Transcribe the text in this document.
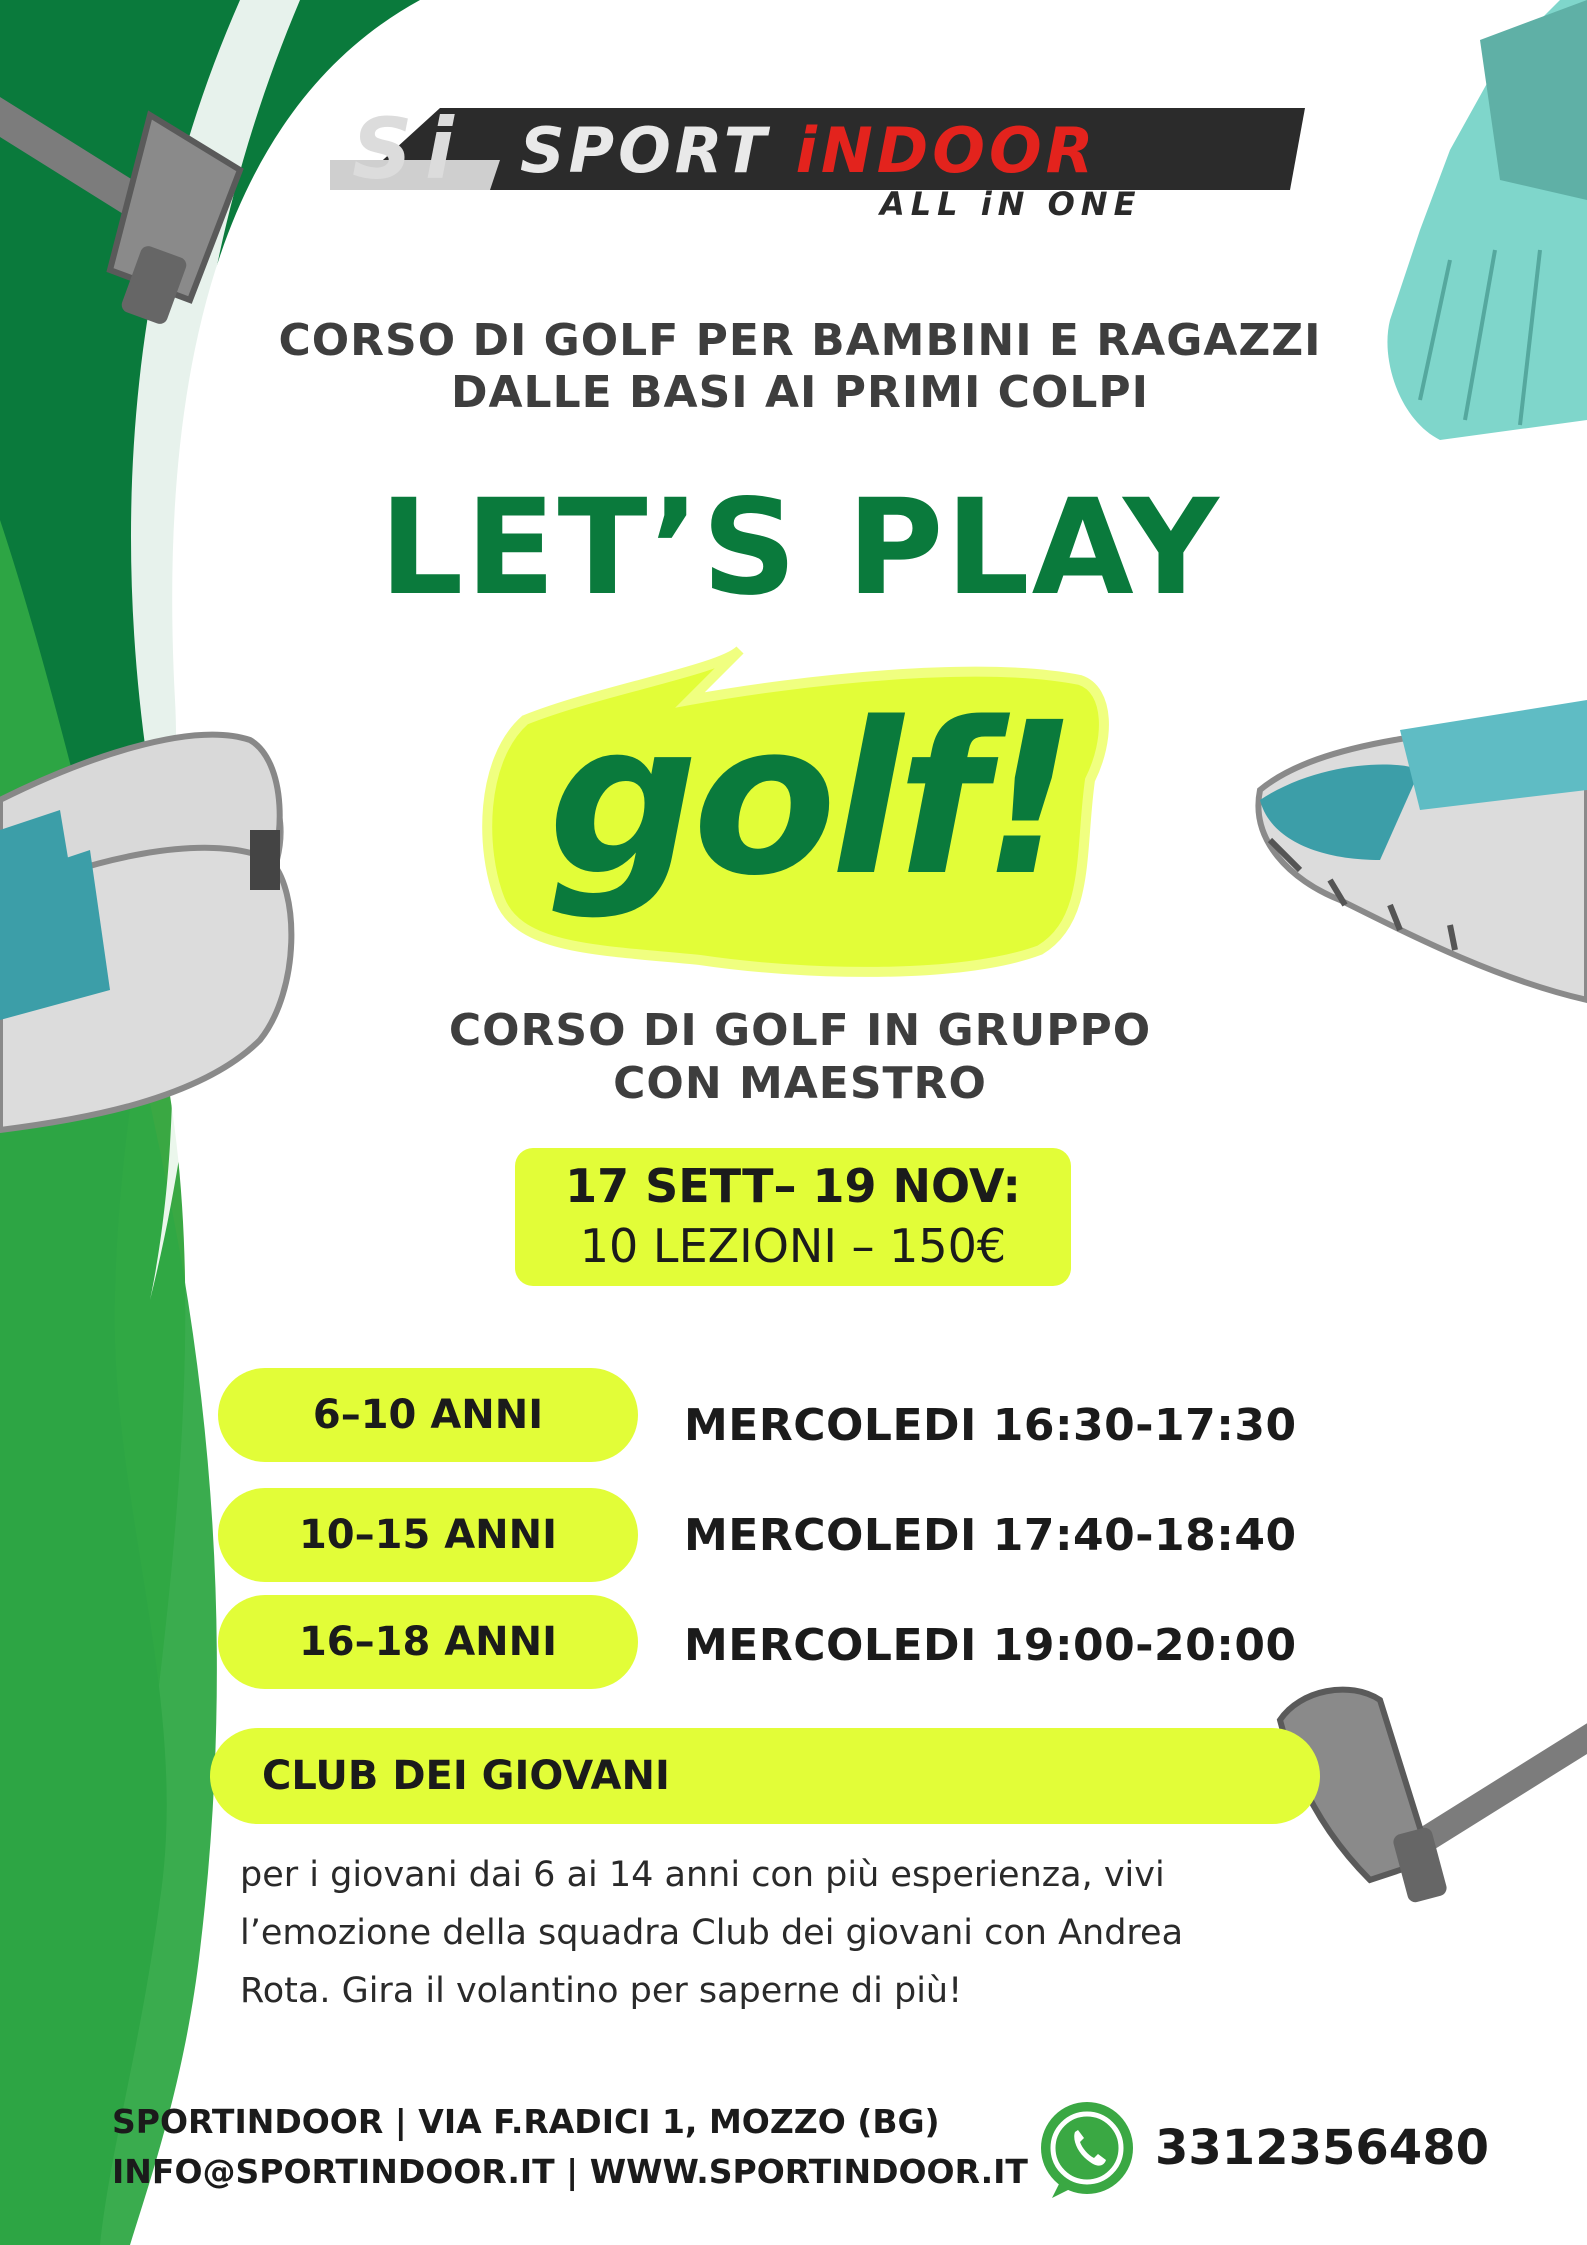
S i SPORT iNDOOR
ALL iN ONE
CORSO DI GOLF PER BAMBINI E RAGAZZI
DALLE BASI AI PRIMI COLPI
LET’S PLAY
golf!
CORSO DI GOLF IN GRUPPO
CON MAESTRO
17 SETT– 19 NOV:
10 LEZIONI – 150€
6–10 ANNI	MERCOLEDI 16:30-17:30
10–15 ANNI	MERCOLEDI 17:40-18:40
16–18 ANNI	MERCOLEDI 19:00-20:00
CLUB DEI GIOVANI
per i giovani dai 6 ai 14 anni con più esperienza, vivi
l’emozione della squadra Club dei giovani con Andrea
Rota. Gira il volantino per saperne di più!
SPORTINDOOR | VIA F.RADICI 1, MOZZO (BG)
INFO@SPORTINDOOR.IT | WWW.SPORTINDOOR.IT	3312356480
